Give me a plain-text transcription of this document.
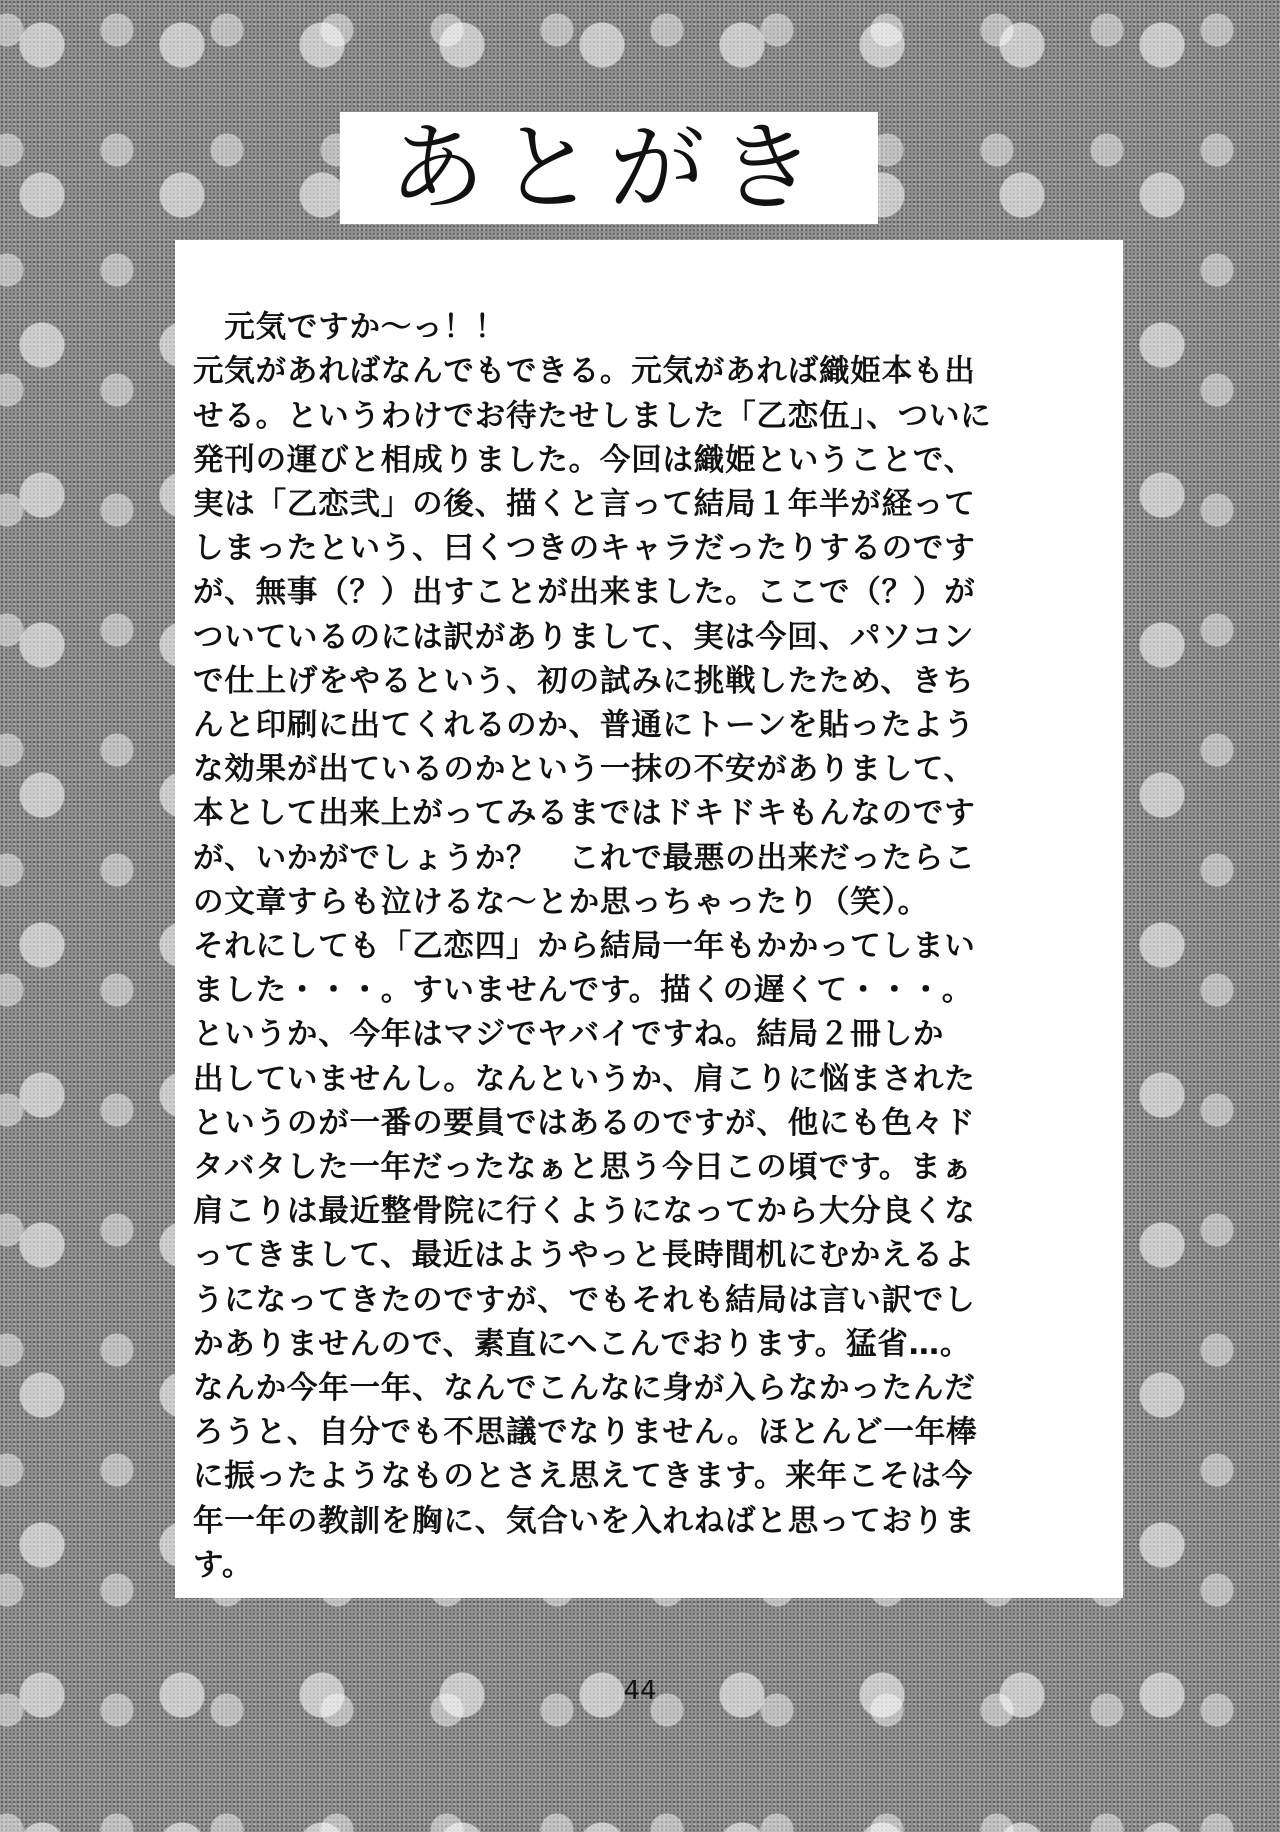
あとがき

　元気ですか～っ！！
元気があればなんでもできる。元気があれば織姫本も出
せる。というわけでお待たせしました「乙恋伍」、ついに
発刊の運びと相成りました。今回は織姫ということで、
実は「乙恋弐」の後、描くと言って結局１年半が経って
しまったという、曰くつきのキャラだったりするのです
が、無事（？）出すことが出来ました。ここで（？）が
ついているのには訳がありまして、実は今回、パソコン
で仕上げをやるという、初の試みに挑戦したため、きち
んと印刷に出てくれるのか、普通にトーンを貼ったよう
な効果が出ているのかという一抹の不安がありまして、
本として出来上がってみるまではドキドキもんなのです
が、いかがでしょうか？　これで最悪の出来だったらこ
の文章すらも泣けるな～とか思っちゃったり（笑）。
それにしても「乙恋四」から結局一年もかかってしまい
ました・・・。すいませんです。描くの遅くて・・・。
というか、今年はマジでヤバイですね。結局２冊しか
出していませんし。なんというか、肩こりに悩まされた
というのが一番の要員ではあるのですが、他にも色々ド
タバタした一年だったなぁと思う今日この頃です。まぁ
肩こりは最近整骨院に行くようになってから大分良くな
ってきまして、最近はようやっと長時間机にむかえるよ
うになってきたのですが、でもそれも結局は言い訳でし
かありませんので、素直にへこんでおります。猛省…。
なんか今年一年、なんでこんなに身が入らなかったんだ
ろうと、自分でも不思議でなりません。ほとんど一年棒
に振ったようなものとさえ思えてきます。来年こそは今
年一年の教訓を胸に、気合いを入れねばと思っておりま
す。

44
